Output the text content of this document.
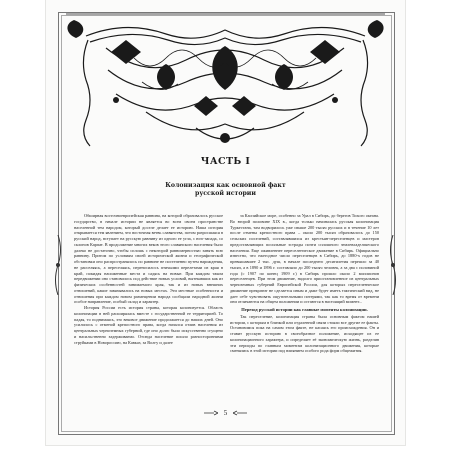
ЧАСТЬ I
Колонизация как основной факт
русской истории

Обширная восточноевропейская равнина, на которой образовалось русское государство, в начале истории не является во всем своем пространстве населенной тем народом, который доселе делает ее историю. Наша история открывается тем явлением, что восточная ветвь славянства, потом разросшаяся в русский народ, вступает на русскую равнину из одного ее угла, с юго-запада, со склонов Карпат. В продолжение многих веков этого славянского населения было далеко не достаточно, чтобы сплошь с некоторой равномерностью занять всю равнину. Притом по условиям своей исторической жизни и географической обстановки оно распространялось по равнине не постепенно путем нарождения, не расселяясь, а переселяясь, переносилось птичьими перелетами из края в край, покидая насиженные места и садясь на новые. При каждом таком передвижении оно становилось под действие новых условий, вытекавших как из физических особенностей занимаемого края, так и из новых внешних отношений, какие завязывались на новых местах. Эти местные особенности и отношения при каждом новом размещении народа сообщали народной жизни особое направление, особый склад и характер.

История России есть история страны, которая колонизуется. Область колонизации в ней расширялась вместе с государственной ее территорией. То падая, то поднимаясь, это вековое движение продолжается до наших дней. Оно усилилось с отменой крепостного права, когда начался отлив населения из центральных черноземных губерний, где оно долго было искусственно сгущено и насильственно задерживаемо. Отсюда население пошло разносторонними струйками в Новороссию, на Кавказ, за Волгу и далее

за Каспийское море, особенно за Урал в Сибирь, до берегов Тихого океана. Во второй половине XIX в., когда только начиналась русская колонизация Туркестана, там водворилось уже свыше 200 тысяч русских и в течение 10 лет после отмены крепостного права – около 200 тысяч образовалось до 150 сельских поселений, составлявшихся из крестьян-переселенцев и мастеров предоставляющих посильные эстрады почти сплошного землевладельческого населения. Еще оживленнее переселенческое движение в Сибирь. Официально известно, что ежегодное число переселенцев в Сибирь, до 1880-х годов не превышавшее 2 тыс. душ, в начале последнего десятилетия перешло за 40 тысяч, а в 1890 и 1896 г. составляло до 200 тысяч человек, а за два с половиной года (с 1907 по конец 1909 г.) в Сибирь прошло около 2 миллионов переселенцев. При этом движение, надолго приостановленное из центральных черноземных губерний Европейской России, для которых переселенческое движение прекратит не сделается иным и даже будет иметь тактический вид, не дает себе чувствовать ощутительными потерями, так как то время от времени они отличаются на общем положении и остаются в настоящий момент...

Переход русской истории как главные моменты колонизации.

Так переселение, колонизация страны была основным фактом нашей истории, с которым в близкой или отдаленной связи стояли все другие ее факты. Остановимся пока на самом этом факте, не касаясь его происхождения. Он и ставит русскую историю в своеобразное положение, исходящее из ее колонизационного характера, и определяет её экономическую жизнь, разделив эти периоды по главным моментам колонизационного движения, которые сменялись в этой истории под влиянием особого рода форм общежития.

5
